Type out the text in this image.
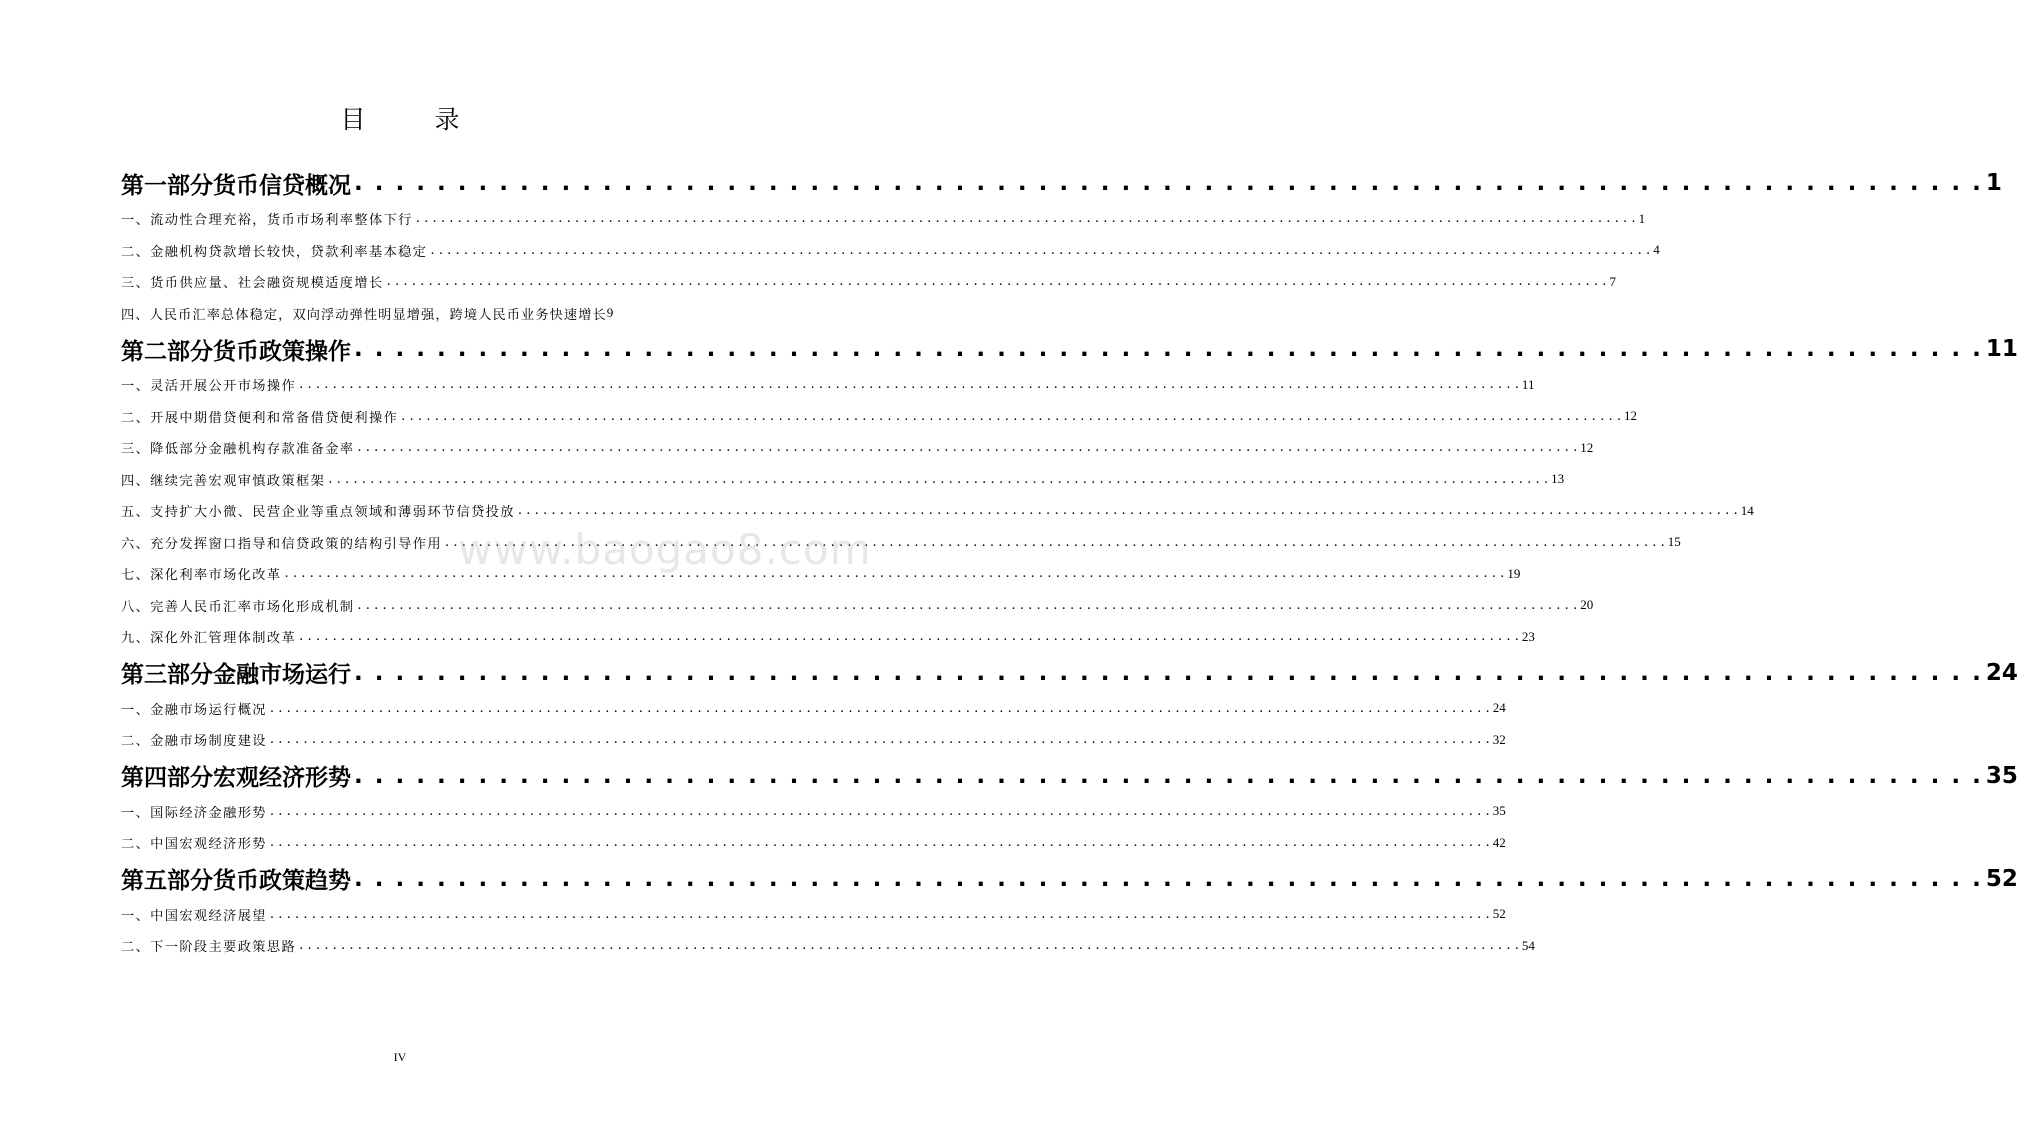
目　录
第一部分 货币信贷概况 . . .	1
一、流动性合理充裕，货币市场利率整体下行 . . .	1
二、金融机构贷款增长较快，贷款利率基本稳定 . . .	4
三、货币供应量、社会融资规模适度增长 . . .	7
四、人民币汇率总体稳定，双向浮动弹性明显增强，跨境人民币业务快速增长 9
第二部分 货币政策操作 . . .	11
一、灵活开展公开市场操作 . . .	11
二、开展中期借贷便利和常备借贷便利操作 . . .	12
三、降低部分金融机构存款准备金率 . . .	12
四、继续完善宏观审慎政策框架 . . .	13
五、支持扩大小微、民营企业等重点领域和薄弱环节信贷投放 . . .	14
六、充分发挥窗口指导和信贷政策的结构引导作用 . . .	15
七、深化利率市场化改革 . . .	19
八、完善人民币汇率市场化形成机制 . . .	20
九、深化外汇管理体制改革 . . .	23
第三部分 金融市场运行 . . .	24
一、金融市场运行概况 . . .	24
二、金融市场制度建设 . . .	32
第四部分 宏观经济形势 . . .	35
一、国际经济金融形势 . . .	35
二、中国宏观经济形势 . . .	42
第五部分 货币政策趋势 . . .	52
一、中国宏观经济展望 . . .	52
二、下一阶段主要政策思路 . . .	54
www.baogao8.com
IV
